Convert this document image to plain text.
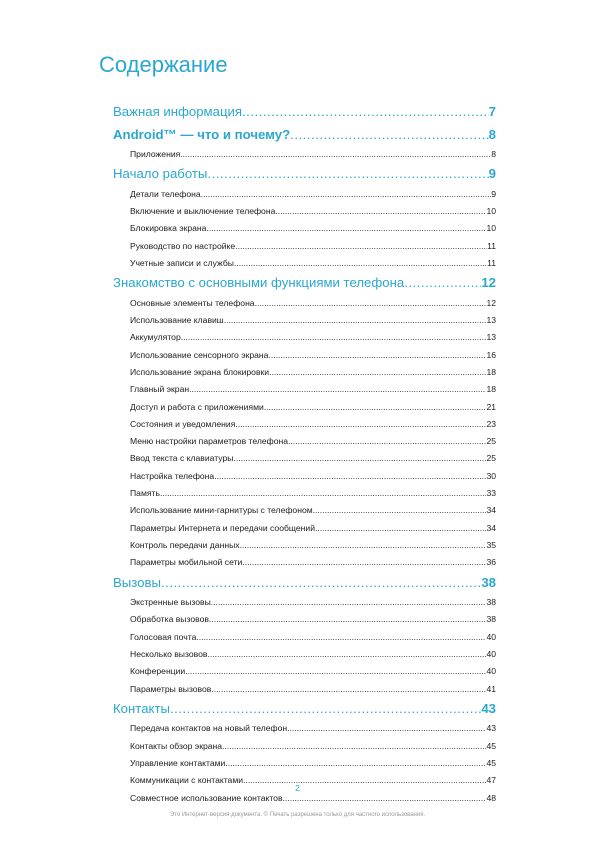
Содержание
Важная информация .....	7
Android™ — что и почему? .....	8
Приложения .....	8
Начало работы .....	9
Детали телефона .....	9
Включение и выключение телефона .....	10
Блокировка экрана .....	10
Руководство по настройке .....	11
Учетные записи и службы .....	11
Знакомство с основными функциями телефона .....	12
Основные элементы телефона .....	12
Использование клавиш .....	13
Аккумулятор .....	13
Использование сенсорного экрана .....	16
Использование экрана блокировки .....	18
Главный экран .....	18
Доступ и работа с приложениями .....	21
Состояния и уведомления .....	23
Меню настройки параметров телефона .....	25
Ввод текста с клавиатуры .....	25
Настройка телефона .....	30
Память .....	33
Использование мини-гарнитуры с телефоном .....	34
Параметры Интернета и передачи сообщений .....	34
Контроль передачи данных .....	35
Параметры мобильной сети .....	36
Вызовы .....	38
Экстренные вызовы .....	38
Обработка вызовов .....	38
Голосовая почта .....	40
Несколько вызовов .....	40
Конференции .....	40
Параметры вызовов .....	41
Контакты .....	43
Передача контактов на новый телефон .....	43
Контакты обзор экрана .....	45
Управление контактами .....	45
Коммуникации с контактами .....	47
Совместное использование контактов .....	48
2
Это Интернет-версия документа. © Печать разрешена только для частного использования.
